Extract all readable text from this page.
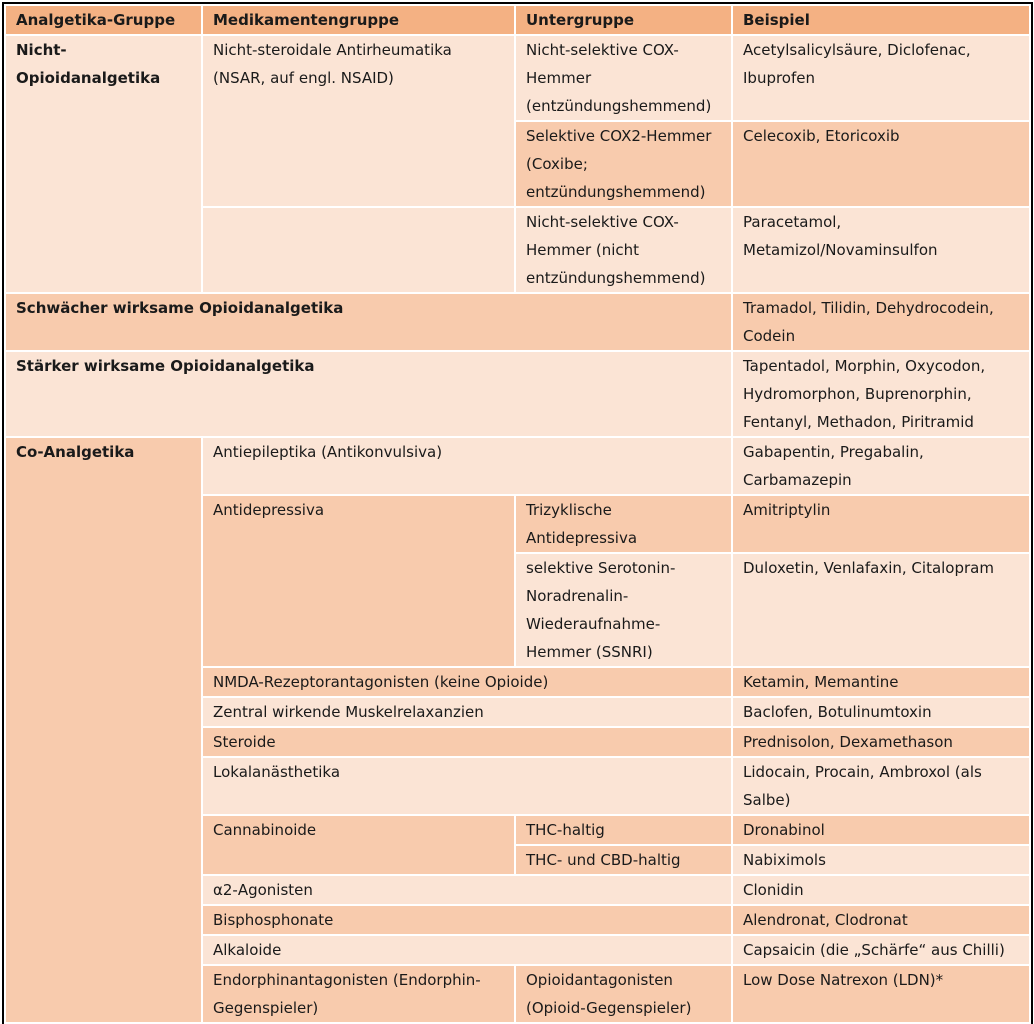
Analgetika-Gruppe	Medikamentengruppe	Untergruppe	Beispiel
Nicht-Opioidanalgetika	Nicht-steroidale Antirheumatika (NSAR, auf engl. NSAID)	Nicht-selektive COX-Hemmer (entzündungshemmend)	Acetylsalicylsäure, Diclofenac, Ibuprofen
		Selektive COX2-Hemmer (Coxibe; entzündungshemmend)	Celecoxib, Etoricoxib
		Nicht-selektive COX-Hemmer (nicht entzündungshemmend)	Paracetamol, Metamizol/Novaminsulfon
Schwächer wirksame Opioidanalgetika			Tramadol, Tilidin, Dehydrocodein, Codein
Stärker wirksame Opioidanalgetika			Tapentadol, Morphin, Oxycodon, Hydromorphon, Buprenorphin, Fentanyl, Methadon, Piritramid
Co-Analgetika	Antiepileptika (Antikonvulsiva)		Gabapentin, Pregabalin, Carbamazepin
	Antidepressiva	Trizyklische Antidepressiva	Amitriptylin
		selektive Serotonin-Noradrenalin-Wiederaufnahme-Hemmer (SSNRI)	Duloxetin, Venlafaxin, Citalopram
	NMDA-Rezeptorantagonisten (keine Opioide)		Ketamin, Memantine
	Zentral wirkende Muskelrelaxanzien		Baclofen, Botulinumtoxin
	Steroide		Prednisolon, Dexamethason
	Lokalanästhetika		Lidocain, Procain, Ambroxol (als Salbe)
	Cannabinoide	THC-haltig	Dronabinol
		THC- und CBD-haltig	Nabiximols
	α2-Agonisten		Clonidin
	Bisphosphonate		Alendronat, Clodronat
	Alkaloide		Capsaicin (die „Schärfe“ aus Chilli)
	Endorphinantagonisten (Endorphin-Gegenspieler)	Opioidantagonisten (Opioid-Gegenspieler)	Low Dose Natrexon (LDN)*
